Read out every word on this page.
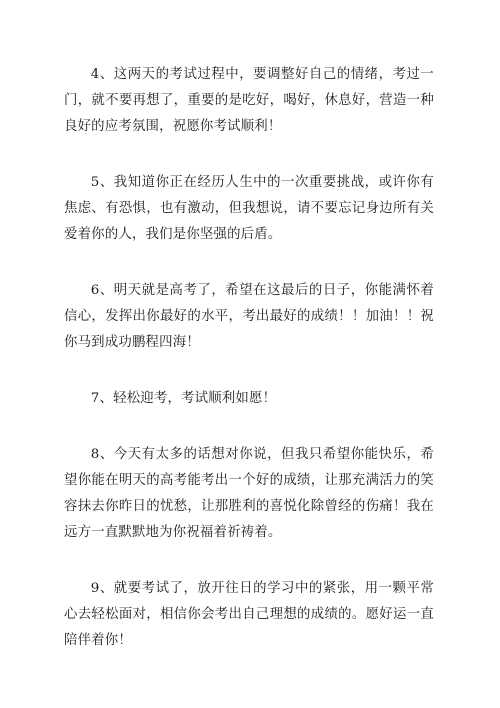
4、这两天的考试过程中，要调整好自己的情绪，考过一门，就不要再想了，重要的是吃好，喝好，休息好，营造一种良好的应考氛围，祝愿你考试顺利！

5、我知道你正在经历人生中的一次重要挑战，或许你有焦虑、有恐惧，也有激动，但我想说，请不要忘记身边所有关爱着你的人，我们是你坚强的后盾。

6、明天就是高考了，希望在这最后的日子，你能满怀着信心，发挥出你最好的水平，考出最好的成绩！！加油！！祝你马到成功鹏程四海！

7、轻松迎考，考试顺利如愿！

8、今天有太多的话想对你说，但我只希望你能快乐，希望你能在明天的高考能考出一个好的成绩，让那充满活力的笑容抹去你昨日的忧愁，让那胜利的喜悦化除曾经的伤痛！我在远方一直默默地为你祝福着祈祷着。

9、就要考试了，放开往日的学习中的紧张，用一颗平常心去轻松面对，相信你会考出自己理想的成绩的。愿好运一直陪伴着你！
